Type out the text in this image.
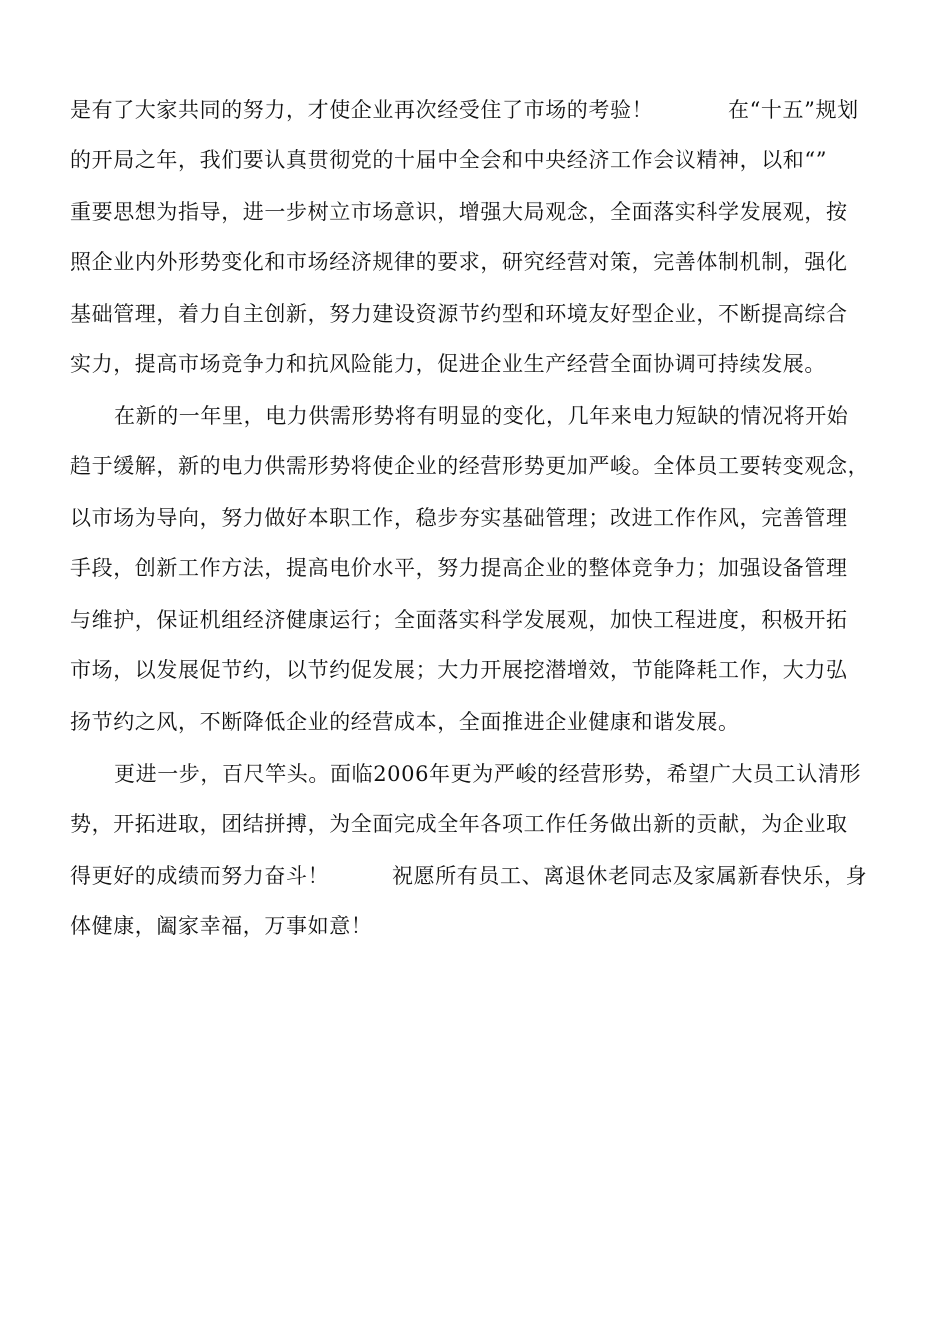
是有了大家共同的努力，才使企业再次经受住了市场的考验！	在“十五”规划
的开局之年，我们要认真贯彻党的十届中全会和中央经济工作会议精神，以和“”
重要思想为指导，进一步树立市场意识，增强大局观念，全面落实科学发展观，按
照企业内外形势变化和市场经济规律的要求，研究经营对策，完善体制机制，强化
基础管理，着力自主创新，努力建设资源节约型和环境友好型企业，不断提高综合
实力，提高市场竞争力和抗风险能力，促进企业生产经营全面协调可持续发展。
在新的一年里，电力供需形势将有明显的变化，几年来电力短缺的情况将开始
趋于缓解，新的电力供需形势将使企业的经营形势更加严峻。全体员工要转变观念，
以市场为导向，努力做好本职工作，稳步夯实基础管理；改进工作作风，完善管理
手段，创新工作方法，提高电价水平，努力提高企业的整体竞争力；加强设备管理
与维护，保证机组经济健康运行；全面落实科学发展观，加快工程进度，积极开拓
市场，以发展促节约，以节约促发展；大力开展挖潜增效，节能降耗工作，大力弘
扬节约之风，不断降低企业的经营成本，全面推进企业健康和谐发展。
更进一步，百尺竿头。面临2006年更为严峻的经营形势，希望广大员工认清形
势，开拓进取，团结拼搏，为全面完成全年各项工作任务做出新的贡献，为企业取
得更好的成绩而努力奋斗！	祝愿所有员工、离退休老同志及家属新春快乐，身
体健康，阖家幸福，万事如意！
